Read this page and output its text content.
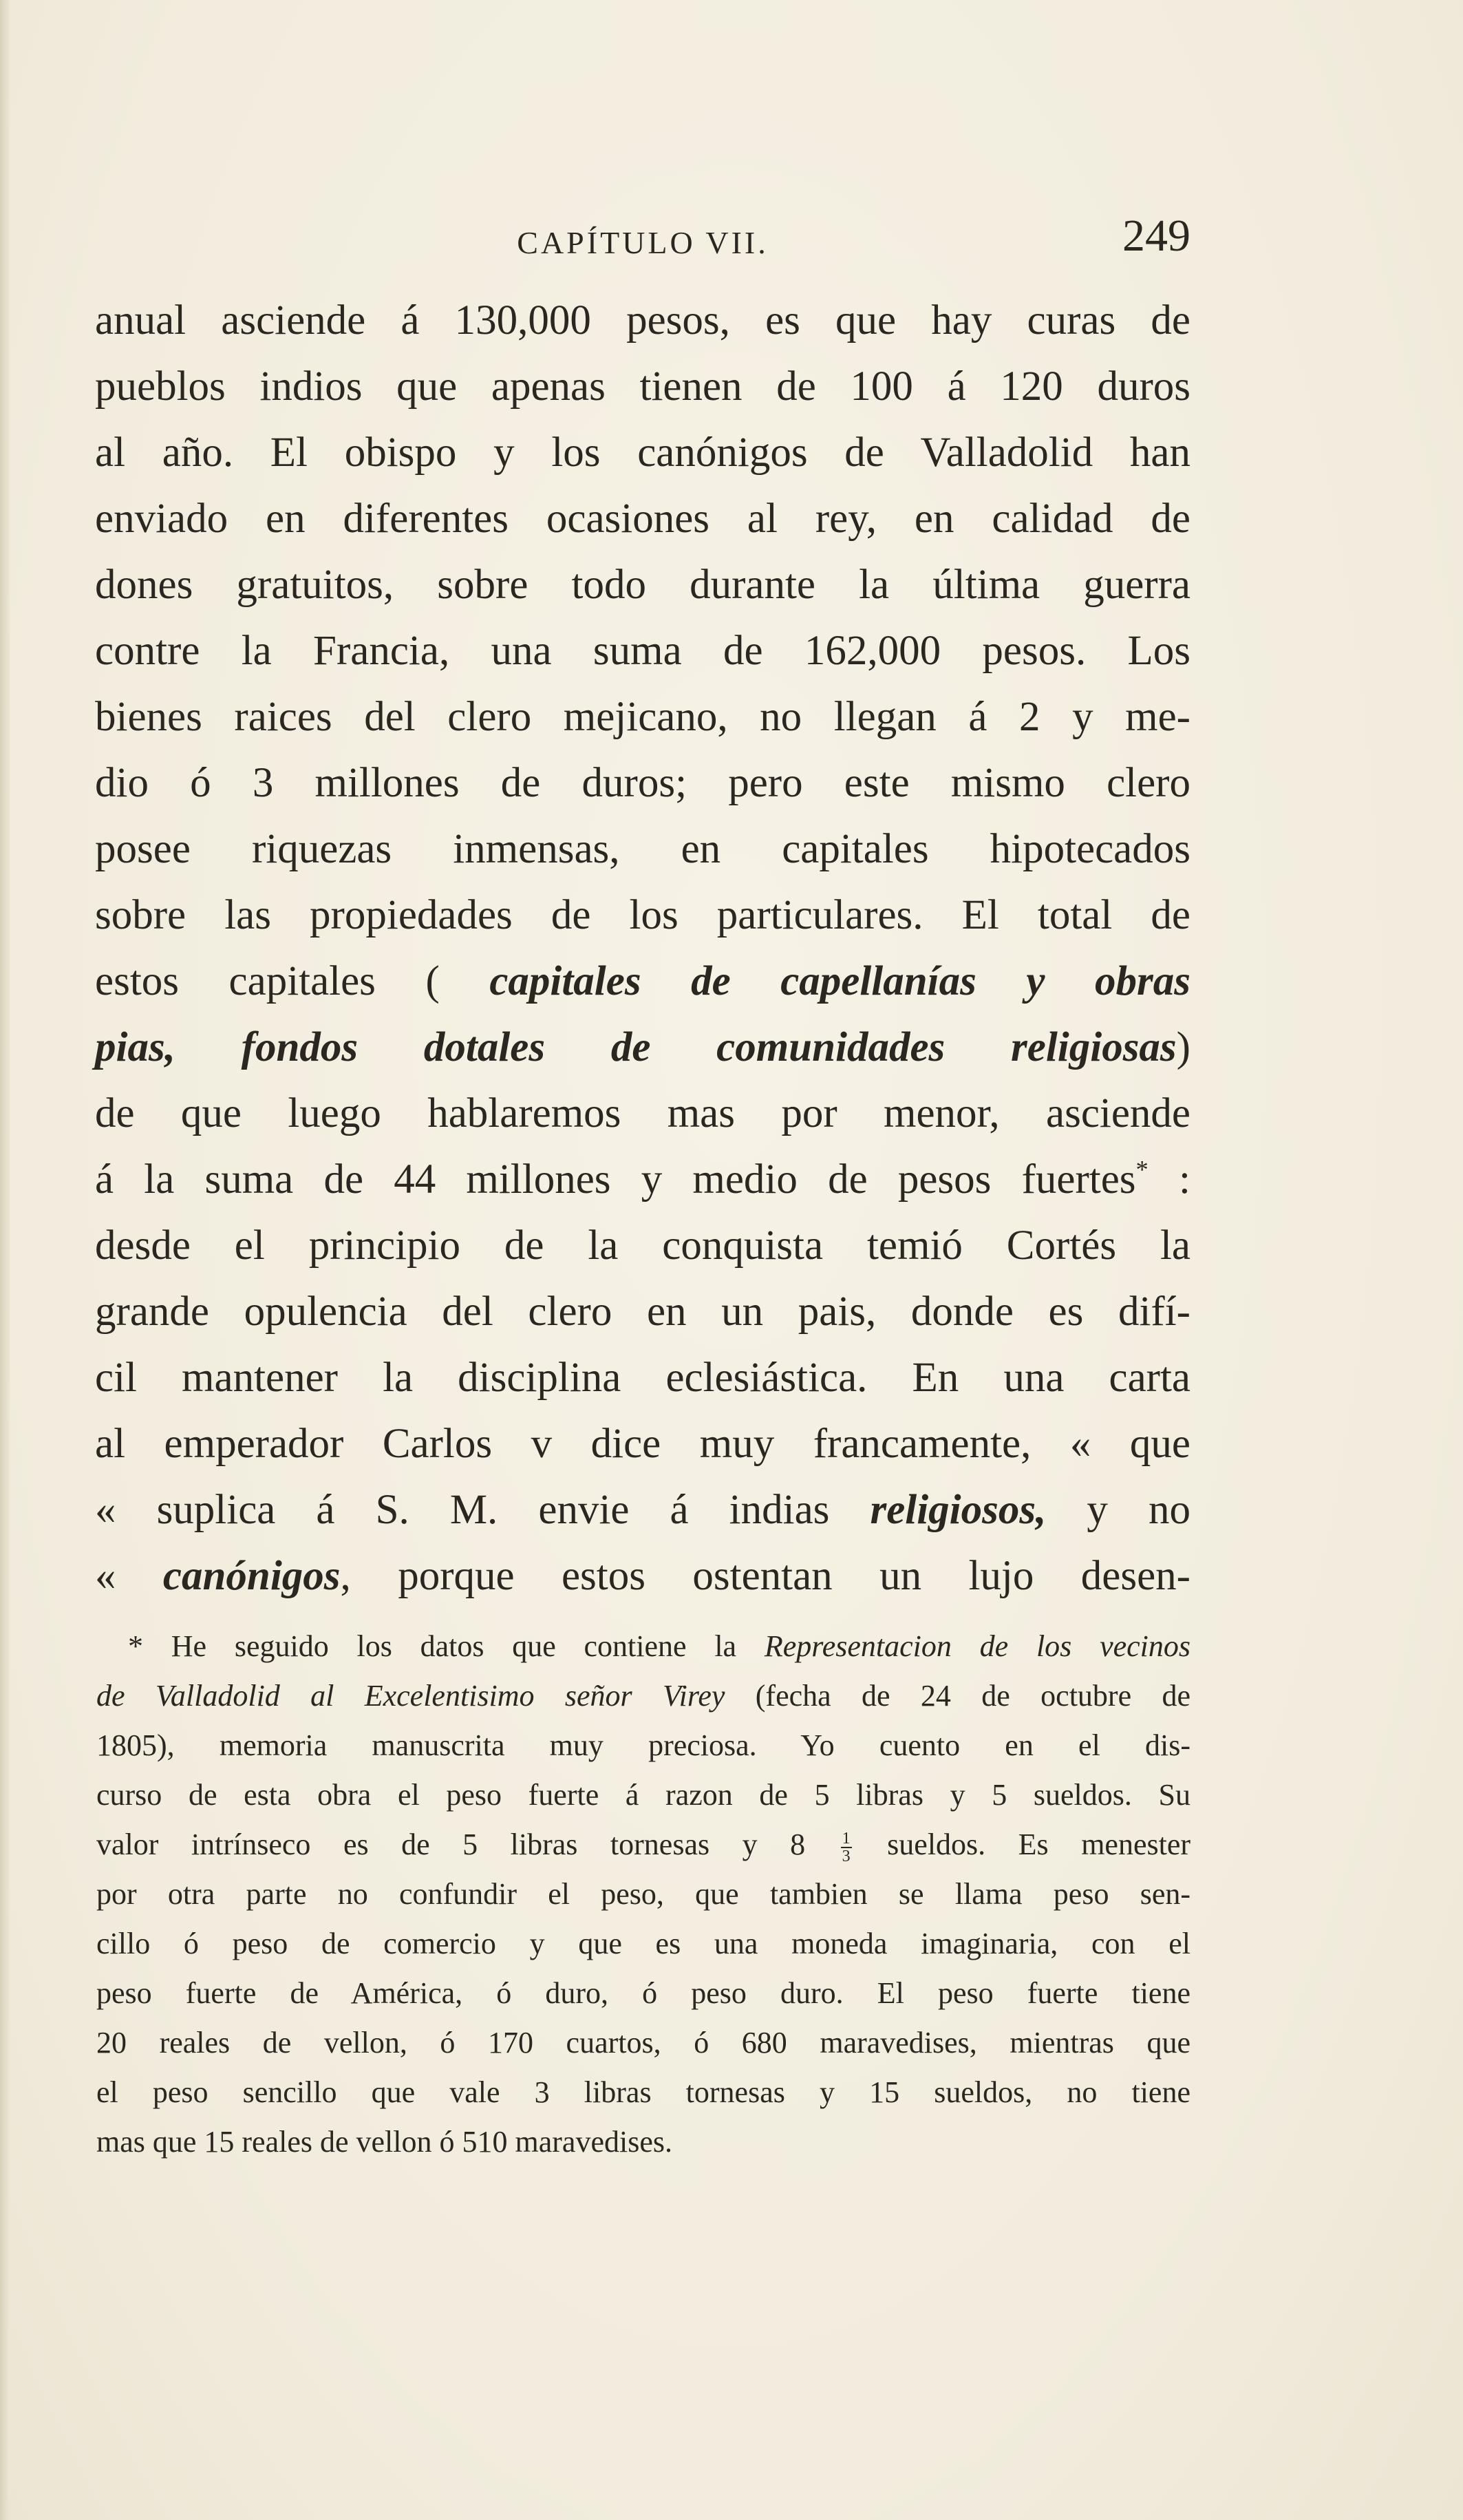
CAPÍTULO VII.	249
anual asciende á 130,000 pesos, es que hay curas de
pueblos indios que apenas tienen de 100 á 120 duros
al año. El obispo y los canónigos de Valladolid han
enviado en diferentes ocasiones al rey, en calidad de
dones gratuitos, sobre todo durante la última guerra
contre la Francia, una suma de 162,000 pesos. Los
bienes raices del clero mejicano, no llegan á 2 y me-
dio ó 3 millones de duros; pero este mismo clero
posee riquezas inmensas, en capitales hipotecados
sobre las propiedades de los particulares. El total de
estos capitales ( capitales de capellanías y obras
pias, fondos dotales de comunidades religiosas)
de que luego hablaremos mas por menor, asciende
á la suma de 44 millones y medio de pesos fuertes* :
desde el principio de la conquista temió Cortés la
grande opulencia del clero en un pais, donde es difí-
cil mantener la disciplina eclesiástica. En una carta
al emperador Carlos v dice muy francamente, « que
« suplica á S. M. envie á indias religiosos, y no
« canónigos, porque estos ostentan un lujo desen-
* He seguido los datos que contiene la Representacion de los vecinos
de Valladolid al Excelentisimo señor Virey (fecha de 24 de octubre de
1805), memoria manuscrita muy preciosa. Yo cuento en el dis-
curso de esta obra el peso fuerte á razon de 5 libras y 5 sueldos. Su
valor intrínseco es de 5 libras tornesas y $8 \frac{1}{3}$ sueldos. Es menester
por otra parte no confundir el peso, que tambien se llama peso sen-
cillo ó peso de comercio y que es una moneda imaginaria, con el
peso fuerte de América, ó duro, ó peso duro. El peso fuerte tiene
20 reales de vellon, ó 170 cuartos, ó 680 maravedises, mientras que
el peso sencillo que vale 3 libras tornesas y 15 sueldos, no tiene
mas que 15 reales de vellon ó 510 maravedises.
